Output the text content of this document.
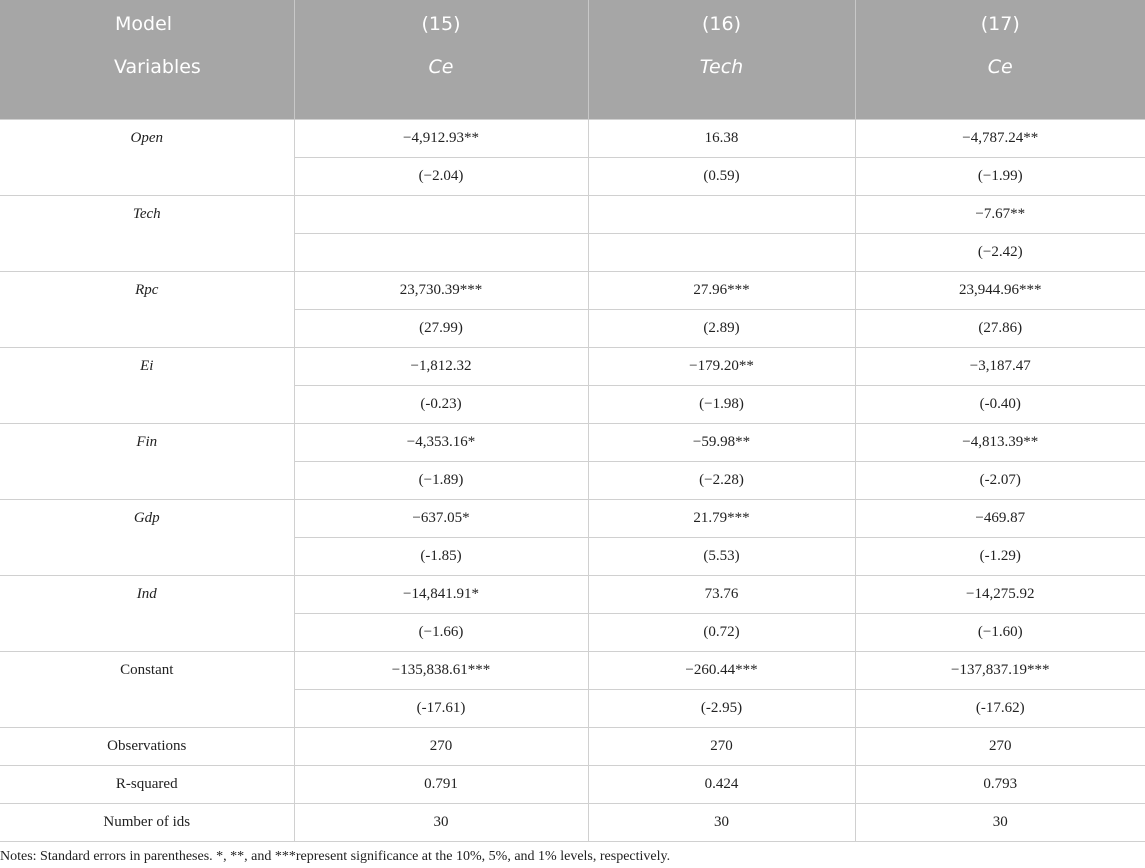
Model	(15)	(16)	(17)
Variables	Ce	Tech	Ce
Open	−4,912.93**	16.38	−4,787.24**
	(−2.04)	(0.59)	(−1.99)
Tech			−7.67**
			(−2.42)
Rpc	23,730.39***	27.96***	23,944.96***
	(27.99)	(2.89)	(27.86)
Ei	−1,812.32	−179.20**	−3,187.47
	(-0.23)	(−1.98)	(-0.40)
Fin	−4,353.16*	−59.98**	−4,813.39**
	(−1.89)	(−2.28)	(-2.07)
Gdp	−637.05*	21.79***	−469.87
	(-1.85)	(5.53)	(-1.29)
Ind	−14,841.91*	73.76	−14,275.92
	(−1.66)	(0.72)	(−1.60)
Constant	−135,838.61***	−260.44***	−137,837.19***
	(-17.61)	(-2.95)	(-17.62)
Observations	270	270	270
R-squared	0.791	0.424	0.793
Number of ids	30	30	30
Notes: Standard errors in parentheses. *, **, and ***represent significance at the 10%, 5%, and 1% levels, respectively.
